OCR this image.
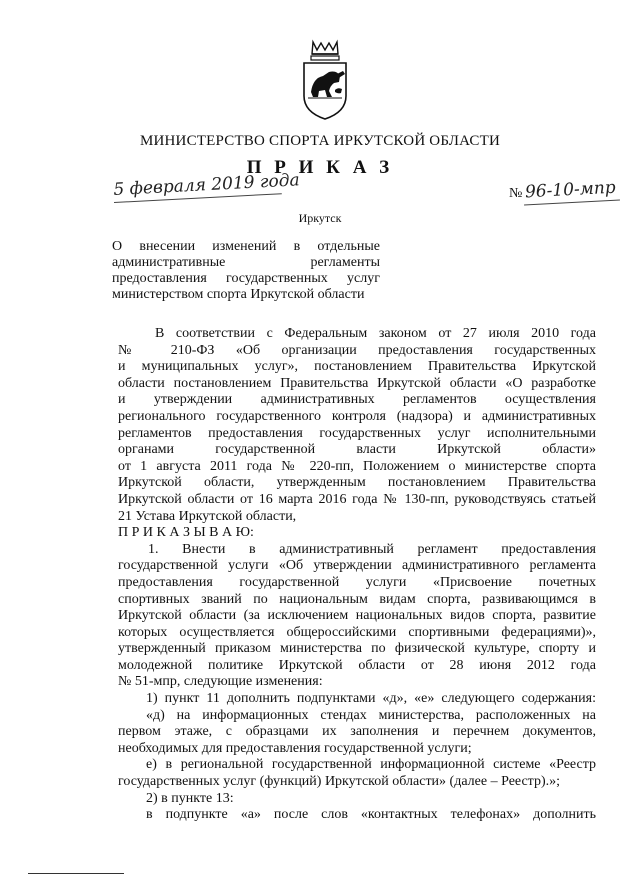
МИНИСТЕРСТВО СПОРТА ИРКУТСКОЙ ОБЛАСТИ
П Р И К А З
5 февраля 2019 года	№ 96-10-мпр
Иркутск
О внесении изменений в отдельные
административные регламенты
предоставления государственных услуг
министерством спорта Иркутской области
В соответствии с Федеральным законом от 27 июля 2010 года
№ 210-ФЗ «Об организации предоставления государственных
и муниципальных услуг», постановлением Правительства Иркутской
области постановлением Правительства Иркутской области «О разработке
и утверждении административных регламентов осуществления
регионального государственного контроля (надзора) и административных
регламентов предоставления государственных услуг исполнительными
органами государственной власти Иркутской области»
от 1 августа 2011 года № 220-пп, Положением о министерстве спорта
Иркутской области, утвержденным постановлением Правительства
Иркутской области от 16 марта 2016 года № 130-пп, руководствуясь статьей
21 Устава Иркутской области,
П Р И К А З Ы В А Ю:
1. Внести в административный регламент предоставления
государственной услуги «Об утверждении административного регламента
предоставления государственной услуги «Присвоение почетных
спортивных званий по национальным видам спорта, развивающимся в
Иркутской области (за исключением национальных видов спорта, развитие
которых осуществляется общероссийскими спортивными федерациями)»,
утвержденный приказом министерства по физической культуре, спорту и
молодежной политике Иркутской области от 28 июня 2012 года
№ 51-мпр, следующие изменения:
1) пункт 11 дополнить подпунктами «д», «е» следующего содержания:
«д) на информационных стендах министерства, расположенных на
первом этаже, с образцами их заполнения и перечнем документов,
необходимых для предоставления государственной услуги;
е) в региональной государственной информационной системе «Реестр
государственных услуг (функций) Иркутской области» (далее – Реестр).»;
2) в пункте 13:
в подпункте «а» после слов «контактных телефонах» дополнить
